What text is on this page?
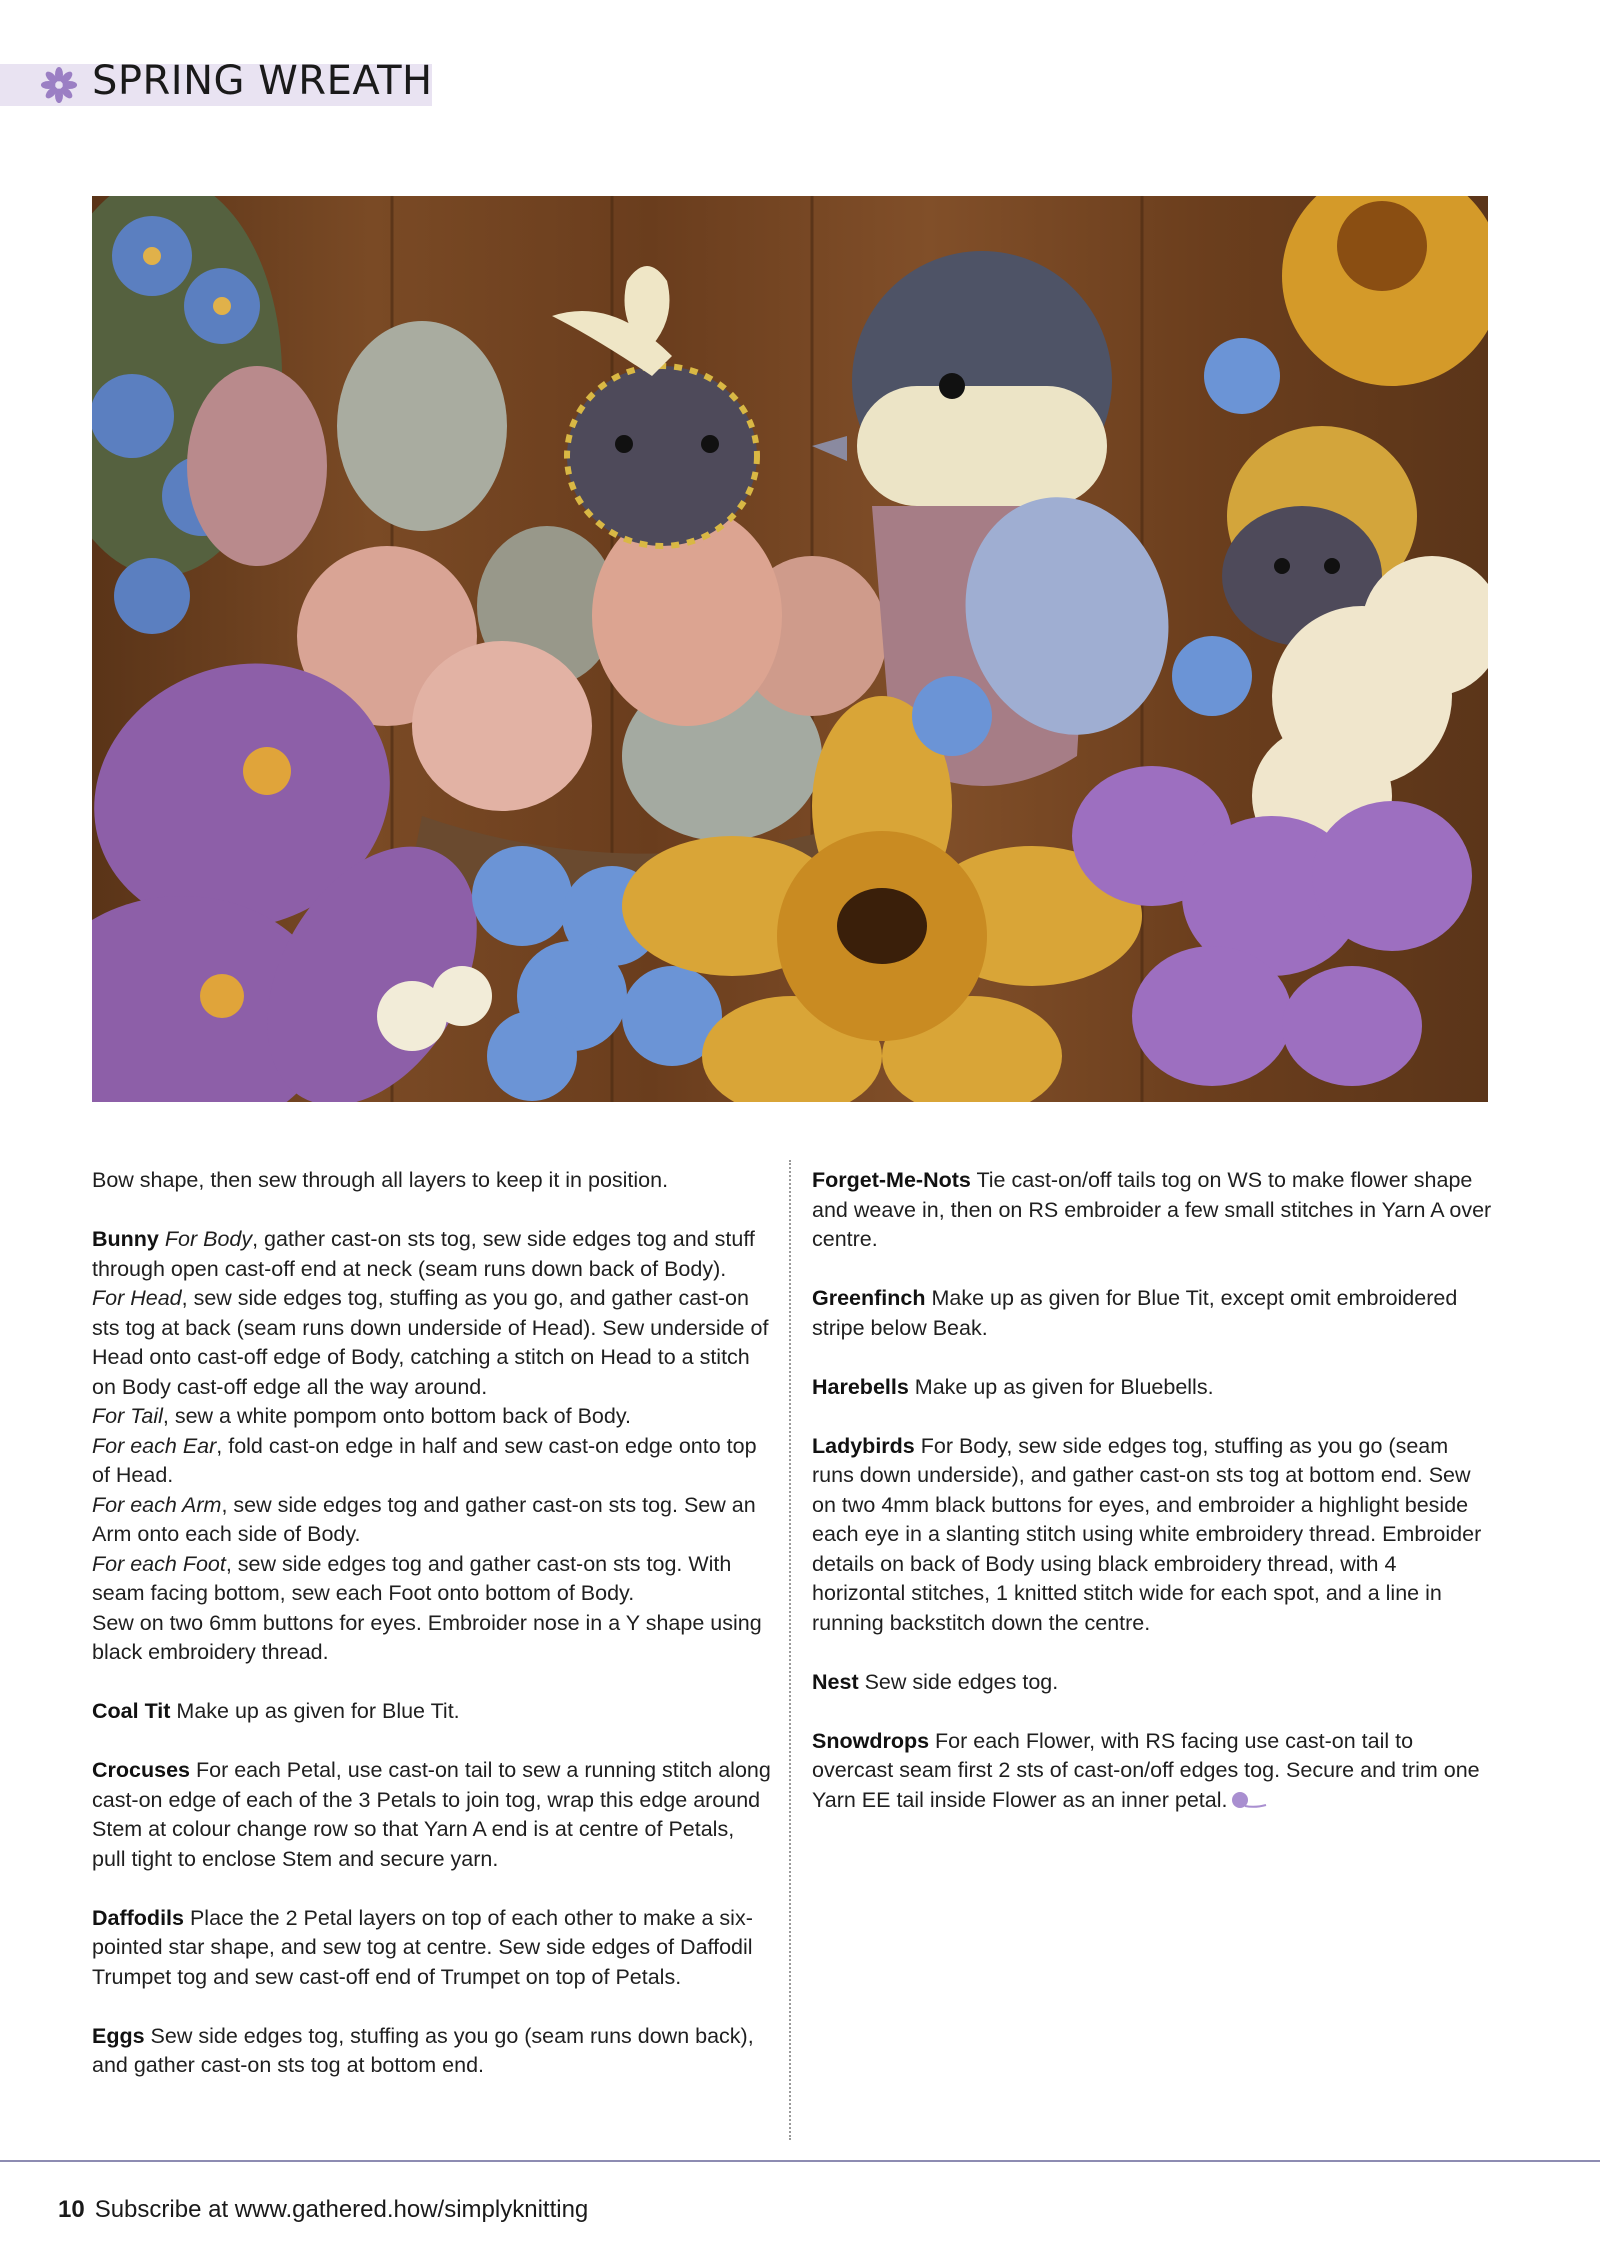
SPRING WREATH

Bow shape, then sew through all layers to keep it in position.

Bunny For Body, gather cast-on sts tog, sew side edges tog and stuff through open cast-off end at neck (seam runs down back of Body).
For Head, sew side edges tog, stuffing as you go, and gather cast-on sts tog at back (seam runs down underside of Head). Sew underside of Head onto cast-off edge of Body, catching a stitch on Head to a stitch on Body cast-off edge all the way around.
For Tail, sew a white pompom onto bottom back of Body.
For each Ear, fold cast-on edge in half and sew cast-on edge onto top of Head.
For each Arm, sew side edges tog and gather cast-on sts tog. Sew an Arm onto each side of Body.
For each Foot, sew side edges tog and gather cast-on sts tog. With seam facing bottom, sew each Foot onto bottom of Body.
Sew on two 6mm buttons for eyes. Embroider nose in a Y shape using black embroidery thread.

Coal Tit Make up as given for Blue Tit.

Crocuses For each Petal, use cast-on tail to sew a running stitch along cast-on edge of each of the 3 Petals to join tog, wrap this edge around Stem at colour change row so that Yarn A end is at centre of Petals, pull tight to enclose Stem and secure yarn.

Daffodils Place the 2 Petal layers on top of each other to make a six-pointed star shape, and sew tog at centre. Sew side edges of Daffodil Trumpet tog and sew cast-off end of Trumpet on top of Petals.

Eggs Sew side edges tog, stuffing as you go (seam runs down back), and gather cast-on sts tog at bottom end.

Forget-Me-Nots Tie cast-on/off tails tog on WS to make flower shape and weave in, then on RS embroider a few small stitches in Yarn A over centre.

Greenfinch Make up as given for Blue Tit, except omit embroidered stripe below Beak.

Harebells Make up as given for Bluebells.

Ladybirds For Body, sew side edges tog, stuffing as you go (seam runs down underside), and gather cast-on sts tog at bottom end. Sew on two 4mm black buttons for eyes, and embroider a highlight beside each eye in a slanting stitch using white embroidery thread. Embroider details on back of Body using black embroidery thread, with 4 horizontal stitches, 1 knitted stitch wide for each spot, and a line in running backstitch down the centre.

Nest Sew side edges tog.

Snowdrops For each Flower, with RS facing use cast-on tail to overcast seam first 2 sts of cast-on/off edges tog. Secure and trim one Yarn EE tail inside Flower as an inner petal.

10 Subscribe at www.gathered.how/simplyknitting
